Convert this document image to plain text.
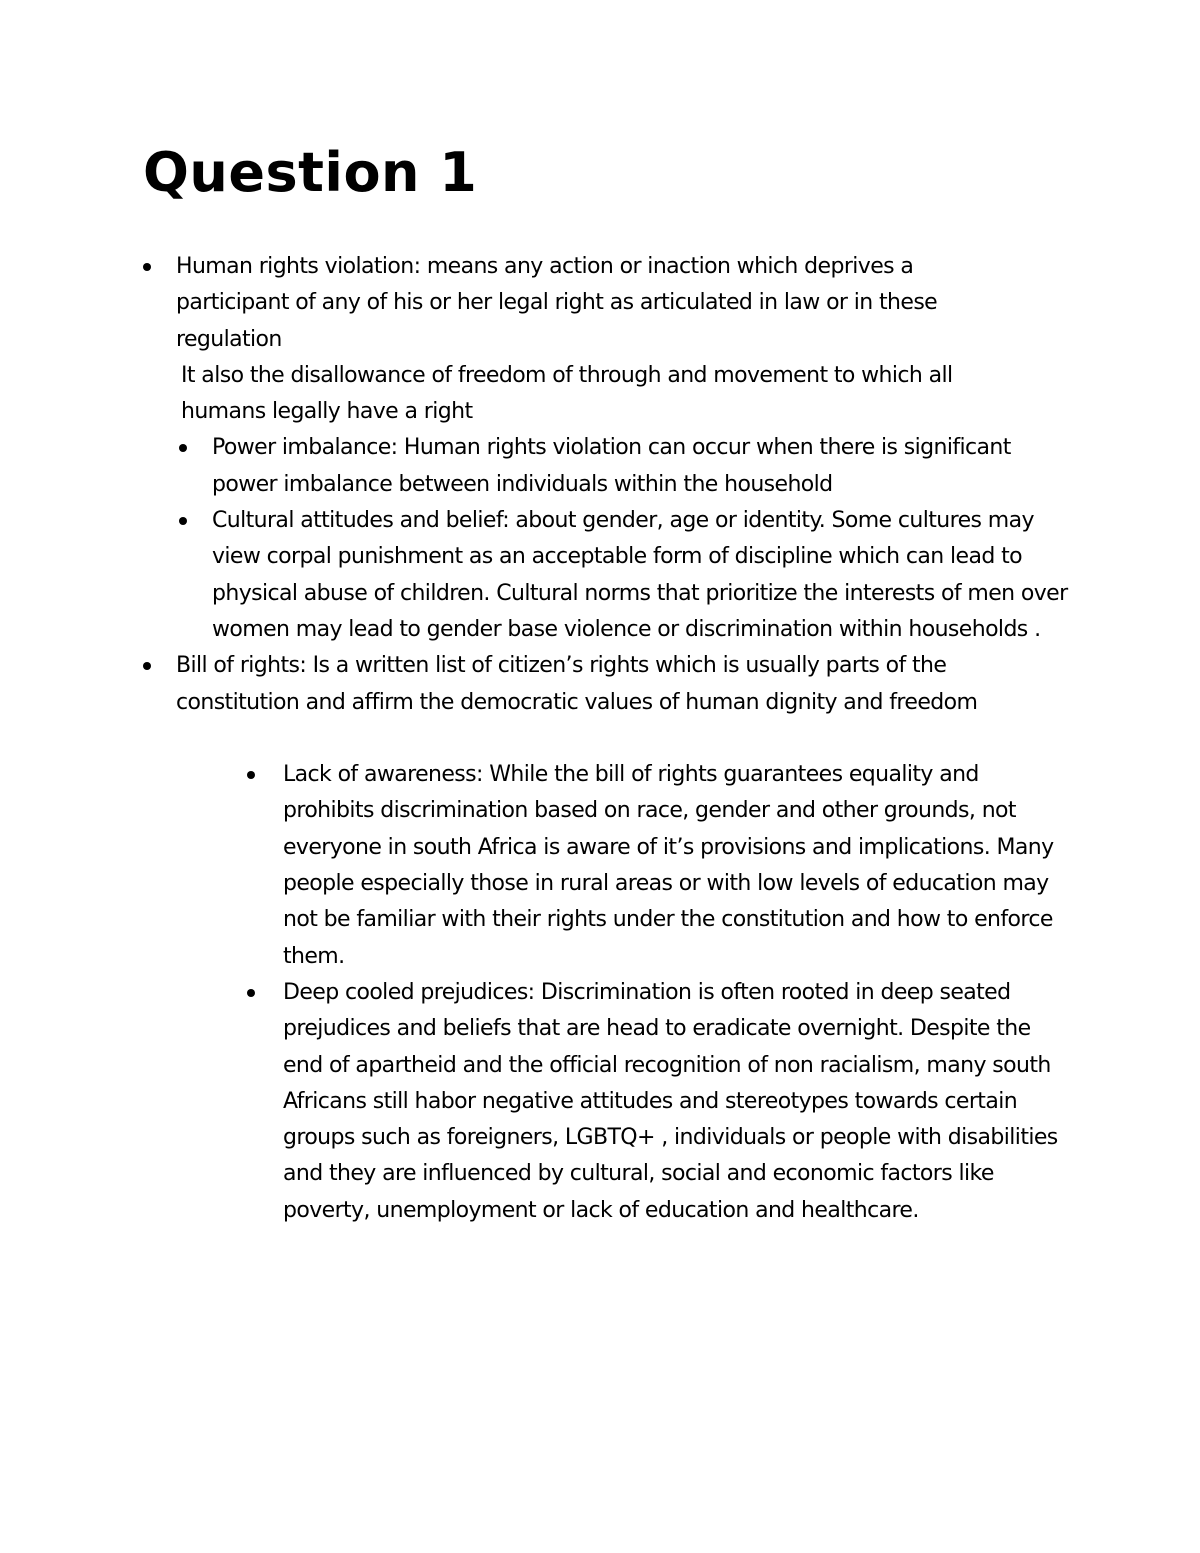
Question 1
Human rights violation: means any action or inaction which deprives a participant of any of his or her legal right as articulated in law or in these regulation
It also the disallowance of freedom of through and movement to which all humans legally have a right
Power imbalance: Human rights violation can occur when there is significant power imbalance between individuals within the household
Cultural attitudes and belief: about gender, age or identity. Some cultures may view corpal punishment as an acceptable form of discipline which can lead to physical abuse of children. Cultural norms that prioritize the interests of men over women may lead to gender base violence or discrimination within households .
Bill of rights: Is a written list of citizen’s rights which is usually parts of the constitution and affirm the democratic values of human dignity and freedom
Lack of awareness: While the bill of rights guarantees equality and prohibits discrimination based on race, gender and other grounds, not everyone in south Africa is aware of it’s provisions and implications. Many people especially those in rural areas or with low levels of education may not be familiar with their rights under the constitution and how to enforce them.
Deep cooled prejudices: Discrimination is often rooted in deep seated prejudices and beliefs that are head to eradicate overnight. Despite the end of apartheid and the official recognition of non racialism, many south Africans still habor negative attitudes and stereotypes towards certain groups such as foreigners, LGBTQ+ , individuals or people with disabilities and they are influenced by cultural, social and economic factors like poverty, unemployment or lack of education and healthcare.
